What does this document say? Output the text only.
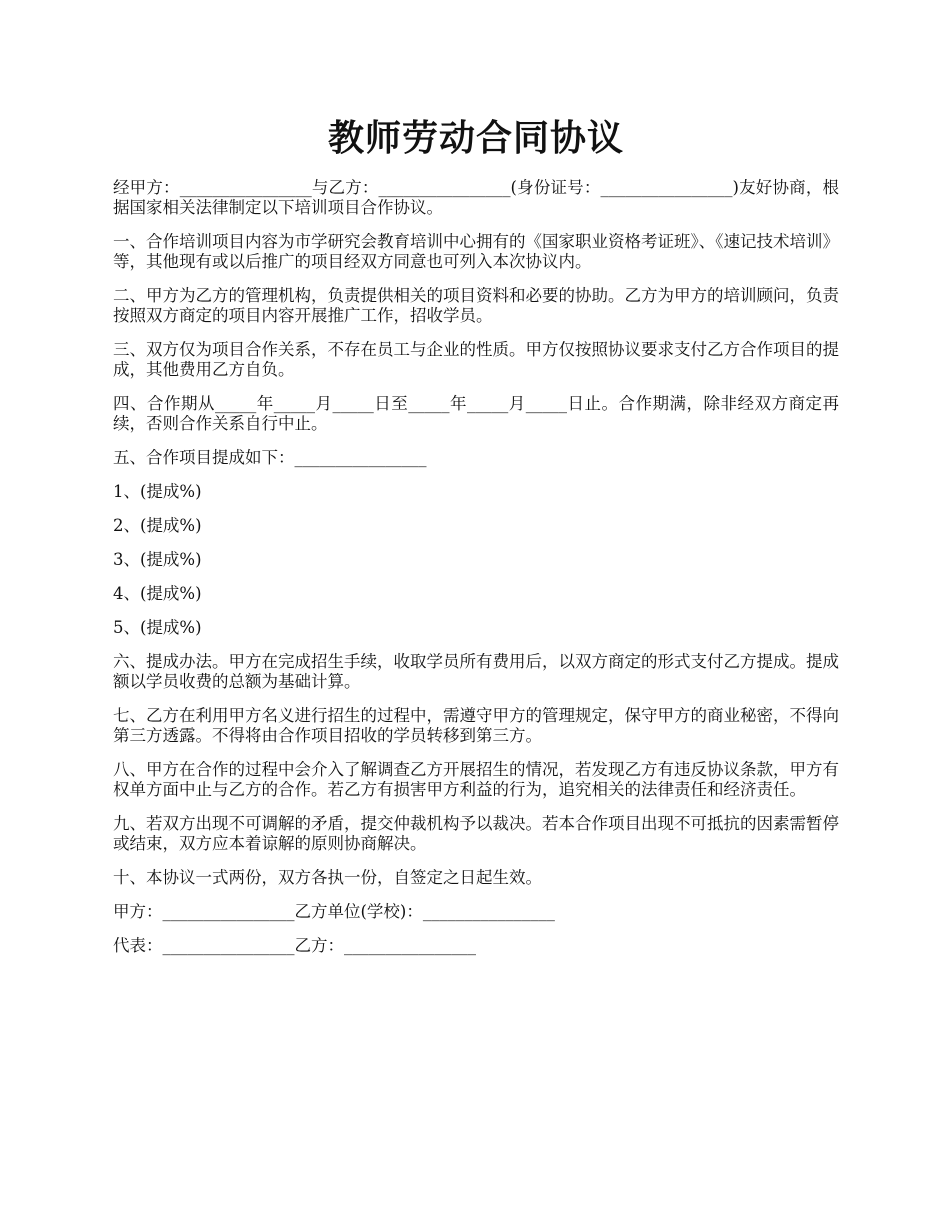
教师劳动合同协议

经甲方：________________与乙方：________________(身份证号：________________)友好协商，根据国家相关法律制定以下培训项目合作协议。

一、合作培训项目内容为市学研究会教育培训中心拥有的《国家职业资格考证班》、《速记技术培训》等，其他现有或以后推广的项目经双方同意也可列入本次协议内。

二、甲方为乙方的管理机构，负责提供相关的项目资料和必要的协助。乙方为甲方的培训顾问，负责按照双方商定的项目内容开展推广工作，招收学员。

三、双方仅为项目合作关系，不存在员工与企业的性质。甲方仅按照协议要求支付乙方合作项目的提成，其他费用乙方自负。

四、合作期从_____年_____月_____日至_____年_____月_____日止。合作期满，除非经双方商定再续，否则合作关系自行中止。

五、合作项目提成如下：________________

1、(提成%)

2、(提成%)

3、(提成%)

4、(提成%)

5、(提成%)

六、提成办法。甲方在完成招生手续，收取学员所有费用后，以双方商定的形式支付乙方提成。提成额以学员收费的总额为基础计算。

七、乙方在利用甲方名义进行招生的过程中，需遵守甲方的管理规定，保守甲方的商业秘密，不得向第三方透露。不得将由合作项目招收的学员转移到第三方。

八、甲方在合作的过程中会介入了解调查乙方开展招生的情况，若发现乙方有违反协议条款，甲方有权单方面中止与乙方的合作。若乙方有损害甲方利益的行为，追究相关的法律责任和经济责任。

九、若双方出现不可调解的矛盾，提交仲裁机构予以裁决。若本合作项目出现不可抵抗的因素需暂停或结束，双方应本着谅解的原则协商解决。

十、本协议一式两份，双方各执一份，自签定之日起生效。

甲方：________________乙方单位(学校)：________________

代表：________________乙方：________________
